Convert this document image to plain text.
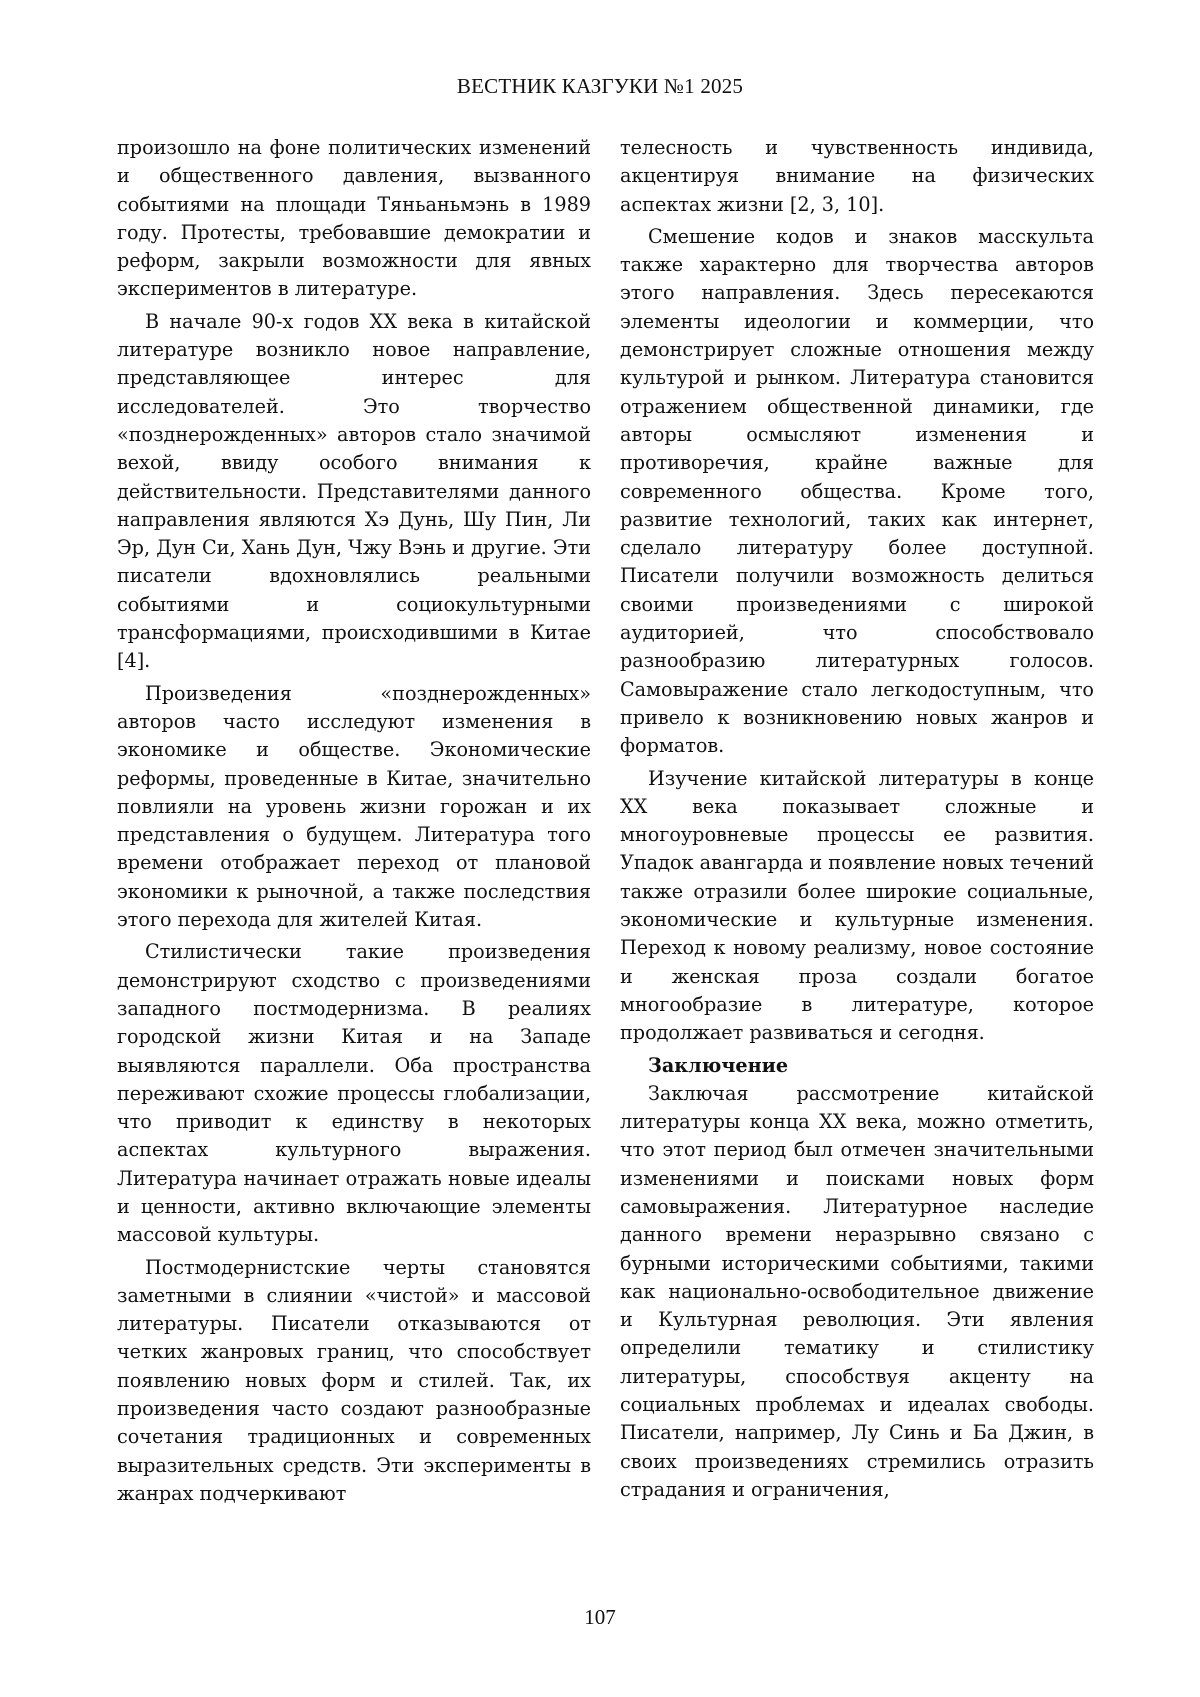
ВЕСТНИК КАЗГУКИ №1 2025

произошло на фоне политических изменений и общественного давления, вызванного событиями на площади Тяньаньмэнь в 1989 году. Протесты, требовавшие демократии и реформ, закрыли возможности для явных экспериментов в литературе.

В начале 90-х годов XX века в китайской литературе возникло новое направление, представляющее интерес для исследователей. Это творчество «позднерожденных» авторов стало значимой вехой, ввиду особого внимания к действительности. Представителями данного направления являются Хэ Дунь, Шу Пин, Ли Эр, Дун Си, Хань Дун, Чжу Вэнь и другие. Эти писатели вдохновлялись реальными событиями и социокультурными трансформациями, происходившими в Китае [4].

Произведения «позднерожденных» авторов часто исследуют изменения в экономике и обществе. Экономические реформы, проведенные в Китае, значительно повлияли на уровень жизни горожан и их представления о будущем. Литература того времени отображает переход от плановой экономики к рыночной, а также последствия этого перехода для жителей Китая.

Стилистически такие произведения демонстрируют сходство с произведениями западного постмодернизма. В реалиях городской жизни Китая и на Западе выявляются параллели. Оба пространства переживают схожие процессы глобализации, что приводит к единству в некоторых аспектах культурного выражения. Литература начинает отражать новые идеалы и ценности, активно включающие элементы массовой культуры.

Постмодернистские черты становятся заметными в слиянии «чистой» и массовой литературы. Писатели отказываются от четких жанровых границ, что способствует появлению новых форм и стилей. Так, их произведения часто создают разнообразные сочетания традиционных и современных выразительных средств. Эти эксперименты в жанрах подчеркивают

телесность и чувственность индивида, акцентируя внимание на физических аспектах жизни [2, 3, 10].

Смешение кодов и знаков масскульта также характерно для творчества авторов этого направления. Здесь пересекаются элементы идеологии и коммерции, что демонстрирует сложные отношения между культурой и рынком. Литература становится отражением общественной динамики, где авторы осмысляют изменения и противоречия, крайне важные для современного общества. Кроме того, развитие технологий, таких как интернет, сделало литературу более доступной. Писатели получили возможность делиться своими произведениями с широкой аудиторией, что способствовало разнообразию литературных голосов. Самовыражение стало легкодоступным, что привело к возникновению новых жанров и форматов.

Изучение китайской литературы в конце XX века показывает сложные и многоуровневые процессы ее развития. Упадок авангарда и появление новых течений также отразили более широкие социальные, экономические и культурные изменения. Переход к новому реализму, новое состояние и женская проза создали богатое многообразие в литературе, которое продолжает развиваться и сегодня.

Заключение

Заключая рассмотрение китайской литературы конца XX века, можно отметить, что этот период был отмечен значительными изменениями и поисками новых форм самовыражения. Литературное наследие данного времени неразрывно связано с бурными историческими событиями, такими как национально-освободительное движение и Культурная революция. Эти явления определили тематику и стилистику литературы, способствуя акценту на социальных проблемах и идеалах свободы. Писатели, например, Лу Синь и Ба Джин, в своих произведениях стремились отразить страдания и ограничения,

107
